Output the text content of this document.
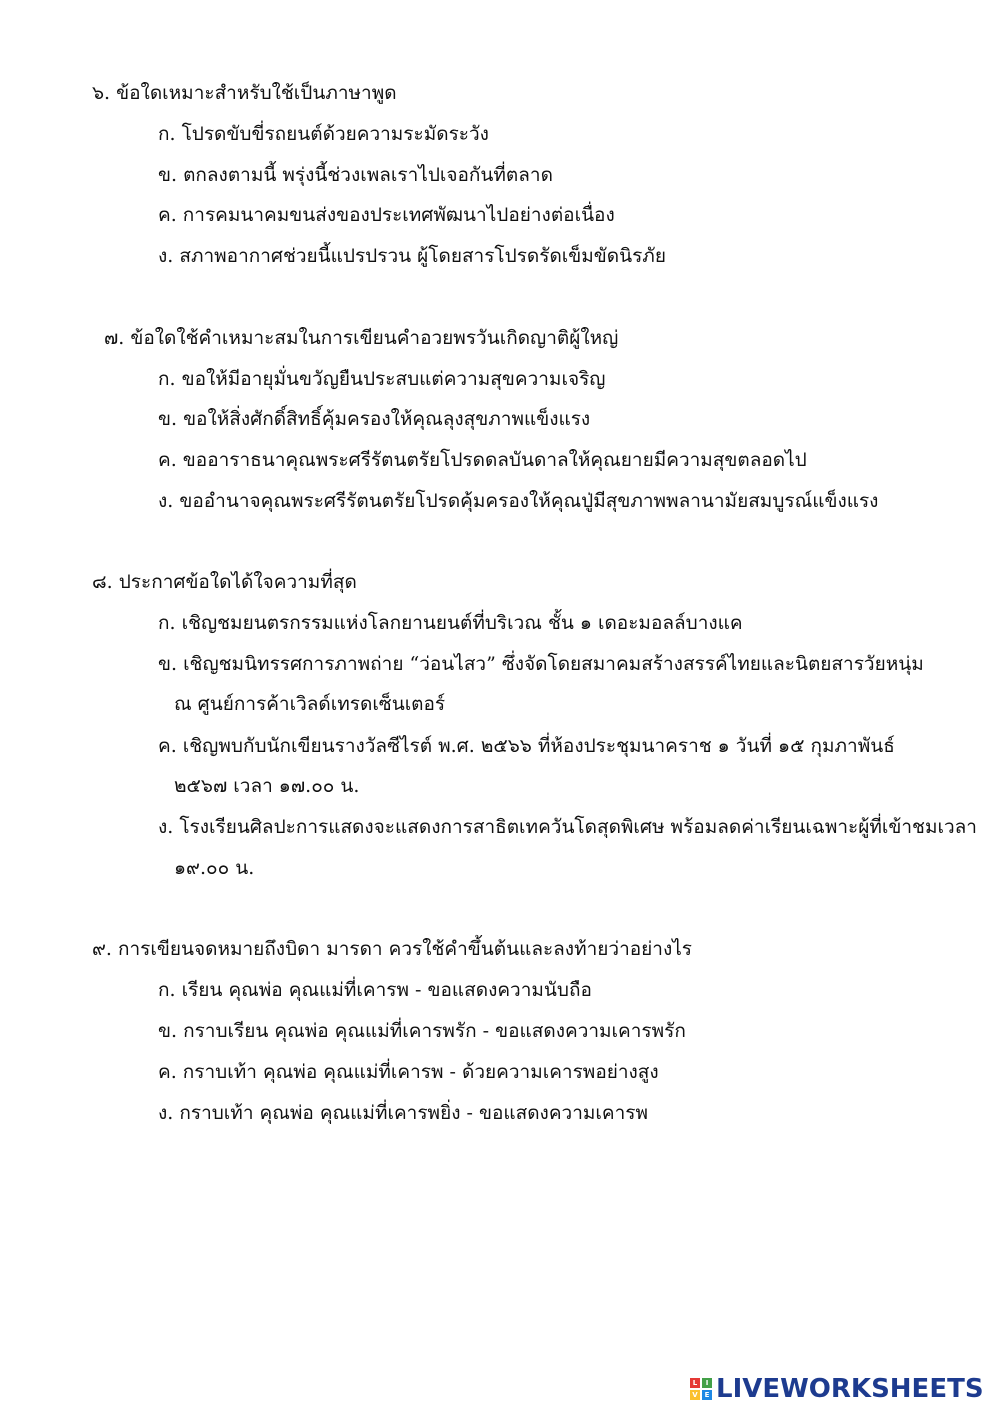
๖. ข้อใดเหมาะสำหรับใช้เป็นภาษาพูด
ก. โปรดขับขี่รถยนต์ด้วยความระมัดระวัง
ข. ตกลงตามนี้ พรุ่งนี้ช่วงเพลเราไปเจอกันที่ตลาด
ค. การคมนาคมขนส่งของประเทศพัฒนาไปอย่างต่อเนื่อง
ง. สภาพอากาศช่วยนี้แปรปรวน ผู้โดยสารโปรดรัดเข็มขัดนิรภัย
๗. ข้อใดใช้คำเหมาะสมในการเขียนคำอวยพรวันเกิดญาติผู้ใหญ่
ก. ขอให้มีอายุมั่นขวัญยืนประสบแต่ความสุขความเจริญ
ข. ขอให้สิ่งศักดิ์สิทธิ์คุ้มครองให้คุณลุงสุขภาพแข็งแรง
ค. ขออาราธนาคุณพระศรีรัตนตรัยโปรดดลบันดาลให้คุณยายมีความสุขตลอดไป
ง. ขออำนาจคุณพระศรีรัตนตรัยโปรดคุ้มครองให้คุณปู่มีสุขภาพพลานามัยสมบูรณ์แข็งแรง
๘. ประกาศข้อใดได้ใจความที่สุด
ก. เชิญชมยนตรกรรมแห่งโลกยานยนต์ที่บริเวณ ชั้น ๑ เดอะมอลล์บางแค
ข. เชิญชมนิทรรศการภาพถ่าย “ว่อนไสว” ซึ่งจัดโดยสมาคมสร้างสรรค์ไทยและนิตยสารวัยหนุ่ม
ณ ศูนย์การค้าเวิลด์เทรดเซ็นเตอร์
ค. เชิญพบกับนักเขียนรางวัลซีไรต์ พ.ศ. ๒๕๖๖ ที่ห้องประชุมนาคราช ๑ วันที่ ๑๕ กุมภาพันธ์
๒๕๖๗ เวลา ๑๗.๐๐ น.
ง. โรงเรียนศิลปะการแสดงจะแสดงการสาธิตเทควันโดสุดพิเศษ พร้อมลดค่าเรียนเฉพาะผู้ที่เข้าชมเวลา
๑๙.๐๐ น.
๙. การเขียนจดหมายถึงบิดา มารดา ควรใช้คำขึ้นต้นและลงท้ายว่าอย่างไร
ก. เรียน คุณพ่อ คุณแม่ที่เคารพ - ขอแสดงความนับถือ
ข. กราบเรียน คุณพ่อ คุณแม่ที่เคารพรัก - ขอแสดงความเคารพรัก
ค. กราบเท้า คุณพ่อ คุณแม่ที่เคารพ - ด้วยความเคารพอย่างสูง
ง. กราบเท้า คุณพ่อ คุณแม่ที่เคารพยิ่ง - ขอแสดงความเคารพ
L	I
V E LIVEWORKSHEETS
